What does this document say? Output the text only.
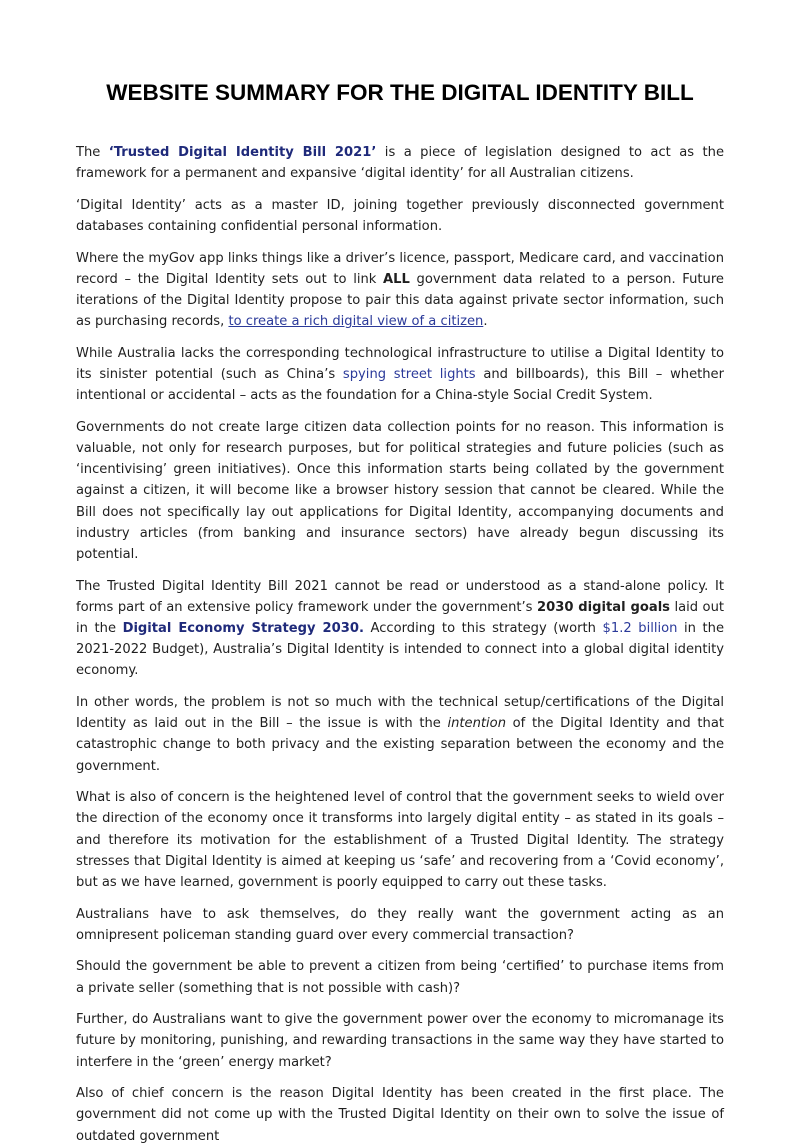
WEBSITE SUMMARY FOR THE DIGITAL IDENTITY BILL

The ‘Trusted Digital Identity Bill 2021’ is a piece of legislation designed to act as the framework for a permanent and expansive ‘digital identity’ for all Australian citizens.

‘Digital Identity’ acts as a master ID, joining together previously disconnected government databases containing confidential personal information.

Where the myGov app links things like a driver’s licence, passport, Medicare card, and vaccination record – the Digital Identity sets out to link ALL government data related to a person. Future iterations of the Digital Identity propose to pair this data against private sector information, such as purchasing records, to create a rich digital view of a citizen.

While Australia lacks the corresponding technological infrastructure to utilise a Digital Identity to its sinister potential (such as China’s spying street lights and billboards), this Bill – whether intentional or accidental – acts as the foundation for a China-style Social Credit System.

Governments do not create large citizen data collection points for no reason. This information is valuable, not only for research purposes, but for political strategies and future policies (such as ‘incentivising’ green initiatives). Once this information starts being collated by the government against a citizen, it will become like a browser history session that cannot be cleared. While the Bill does not specifically lay out applications for Digital Identity, accompanying documents and industry articles (from banking and insurance sectors) have already begun discussing its potential.

The Trusted Digital Identity Bill 2021 cannot be read or understood as a stand-alone policy. It forms part of an extensive policy framework under the government’s 2030 digital goals laid out in the Digital Economy Strategy 2030. According to this strategy (worth $1.2 billion in the 2021-2022 Budget), Australia’s Digital Identity is intended to connect into a global digital identity economy.

In other words, the problem is not so much with the technical setup/certifications of the Digital Identity as laid out in the Bill – the issue is with the intention of the Digital Identity and that catastrophic change to both privacy and the existing separation between the economy and the government.

What is also of concern is the heightened level of control that the government seeks to wield over the direction of the economy once it transforms into largely digital entity – as stated in its goals – and therefore its motivation for the establishment of a Trusted Digital Identity. The strategy stresses that Digital Identity is aimed at keeping us ‘safe’ and recovering from a ‘Covid economy’, but as we have learned, government is poorly equipped to carry out these tasks.

Australians have to ask themselves, do they really want the government acting as an omnipresent policeman standing guard over every commercial transaction?

Should the government be able to prevent a citizen from being ‘certified’ to purchase items from a private seller (something that is not possible with cash)?

Further, do Australians want to give the government power over the economy to micromanage its future by monitoring, punishing, and rewarding transactions in the same way they have started to interfere in the ‘green’ energy market?

Also of chief concern is the reason Digital Identity has been created in the first place. The government did not come up with the Trusted Digital Identity on their own to solve the issue of outdated government
